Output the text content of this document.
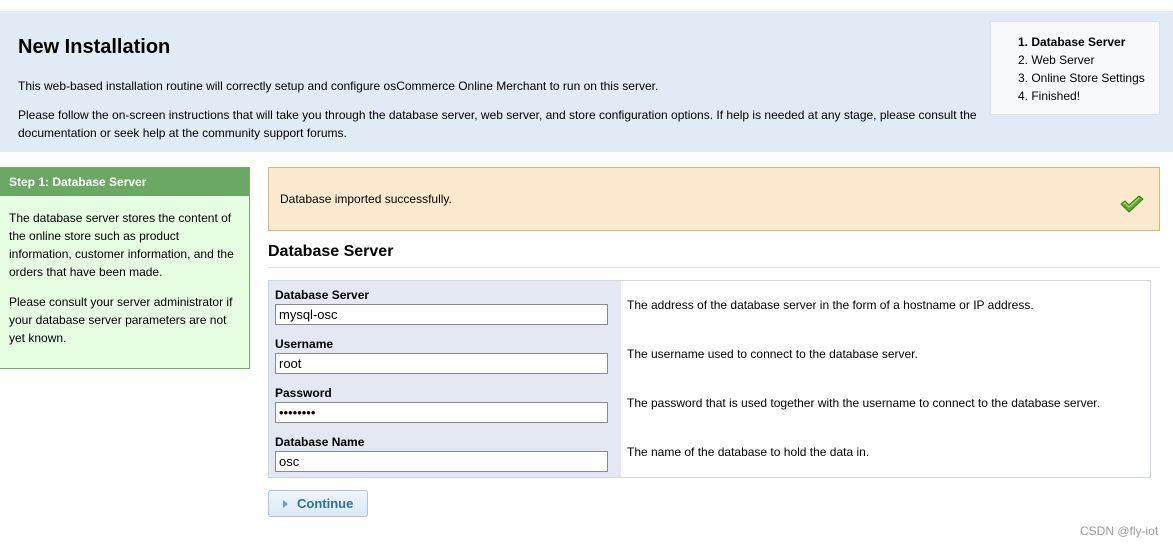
New Installation

This web-based installation routine will correctly setup and configure osCommerce Online Merchant to run on this server.

Please follow the on-screen instructions that will take you through the database server, web server, and store configuration options. If help is needed at any stage, please consult the documentation or seek help at the community support forums.

1. Database Server
2. Web Server
3. Online Store Settings
4. Finished!
Step 1: Database Server

The database server stores the content of the online store such as product information, customer information, and the orders that have been made.

Please consult your server administrator if your database server parameters are not yet known.

Database imported successfully.
Database Server
Database Server
mysql-osc
The address of the database server in the form of a hostname or IP address.
Username
root
The username used to connect to the database server.
Password
••••••••
The password that is used together with the username to connect to the database server.
Database Name
osc
The name of the database to hold the data in.
Continue
CSDN @fly-iot
